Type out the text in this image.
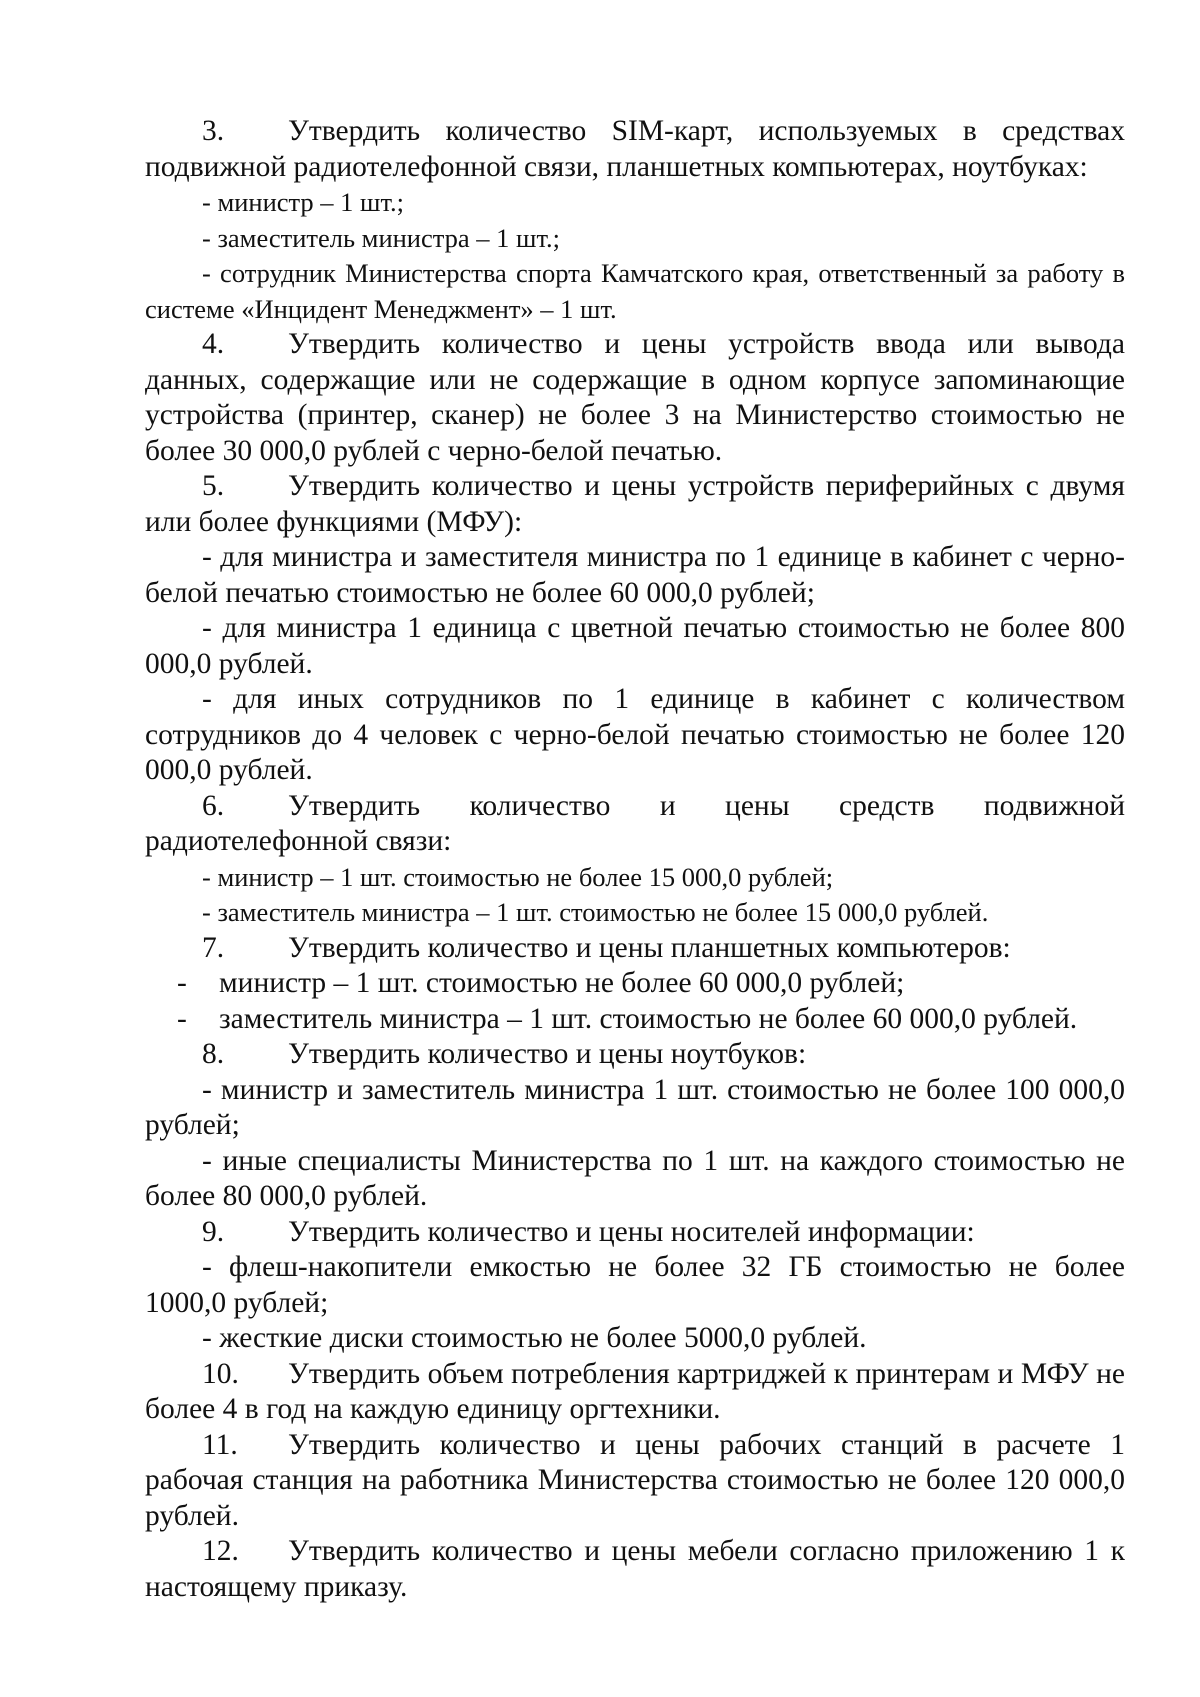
3. Утвердить количество SIM-карт, используемых в средствах подвижной радиотелефонной связи, планшетных компьютерах, ноутбуках:

- министр – 1 шт.;

- заместитель министра – 1 шт.;

- сотрудник Министерства спорта Камчатского края, ответственный за работу в системе «Инцидент Менеджмент» – 1 шт.

4. Утвердить количество и цены устройств ввода или вывода данных, содержащие или не содержащие в одном корпусе запоминающие устройства (принтер, сканер) не более 3 на Министерство стоимостью не более 30 000,0 рублей с черно-белой печатью.

5. Утвердить количество и цены устройств периферийных с двумя или более функциями (МФУ):

- для министра и заместителя министра по 1 единице в кабинет с черно-белой печатью стоимостью не более 60 000,0 рублей;

- для министра 1 единица с цветной печатью стоимостью не более 800 000,0 рублей.

- для иных сотрудников по 1 единице в кабинет с количеством сотрудников до 4 человек с черно-белой печатью стоимостью не более 120 000,0 рублей.

6. Утвердить количество и цены средств подвижной

радиотелефонной связи:

- министр – 1 шт. стоимостью не более 15 000,0 рублей;

- заместитель министра – 1 шт. стоимостью не более 15 000,0 рублей.

7. Утвердить количество и цены планшетных компьютеров:

- министр – 1 шт. стоимостью не более 60 000,0 рублей;

- заместитель министра – 1 шт. стоимостью не более 60 000,0 рублей.

8. Утвердить количество и цены ноутбуков:

- министр и заместитель министра 1 шт. стоимостью не более 100 000,0 рублей;

- иные специалисты Министерства по 1 шт. на каждого стоимостью не более 80 000,0 рублей.

9. Утвердить количество и цены носителей информации:

- флеш-накопители емкостью не более 32 ГБ стоимостью не более 1000,0 рублей;

- жесткие диски стоимостью не более 5000,0 рублей.

10. Утвердить объем потребления картриджей к принтерам и МФУ не более 4 в год на каждую единицу оргтехники.

11. Утвердить количество и цены рабочих станций в расчете 1 рабочая станция на работника Министерства стоимостью не более 120 000,0 рублей.

12. Утвердить количество и цены мебели согласно приложению 1 к настоящему приказу.
